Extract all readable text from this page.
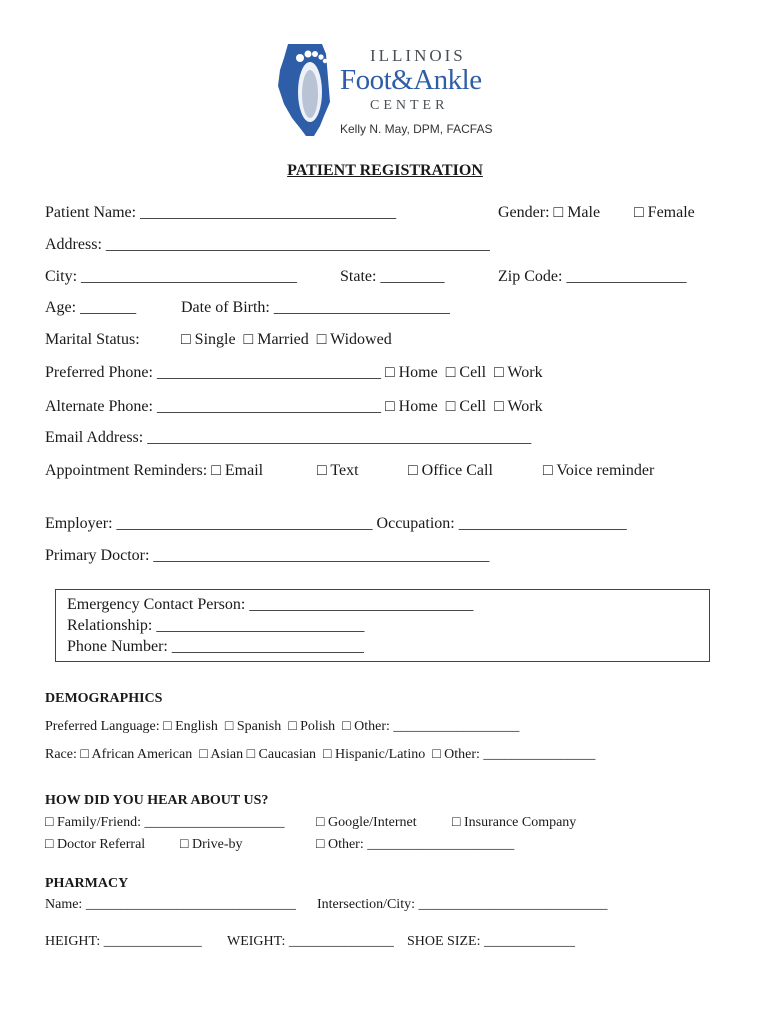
ILLINOIS
Foot&Ankle
CENTER
Kelly N. May, DPM, FACFAS
PATIENT REGISTRATION
Patient Name: ________________________________	Gender: □ Male □ Female
Address: ________________________________________________
City: ___________________________	State: ________	Zip Code: _______________
Age: _______	Date of Birth: ______________________
Marital Status:	□ Single  □ Married  □ Widowed
Preferred Phone: ____________________________ □ Home  □ Cell  □ Work
Alternate Phone: ____________________________ □ Home  □ Cell  □ Work
Email Address: ________________________________________________
Appointment Reminders: □ Email	□ Text	□ Office Call	□ Voice reminder
Employer: ________________________________ Occupation: _____________________
Primary Doctor: __________________________________________
Emergency Contact Person: ____________________________
Relationship: __________________________
Phone Number: ________________________
DEMOGRAPHICS
Preferred Language: □ English  □ Spanish  □ Polish  □ Other: __________________
Race: □ African American  □ Asian □ Caucasian  □ Hispanic/Latino  □ Other: ________________
HOW DID YOU HEAR ABOUT US?
□ Family/Friend: ____________________ □ Google/Internet	□ Insurance Company
□ Doctor Referral □ Drive-by	□ Other: _____________________
PHARMACY
Name: ______________________________ Intersection/City: ___________________________
HEIGHT: ______________ WEIGHT: _______________ SHOE SIZE: _____________
